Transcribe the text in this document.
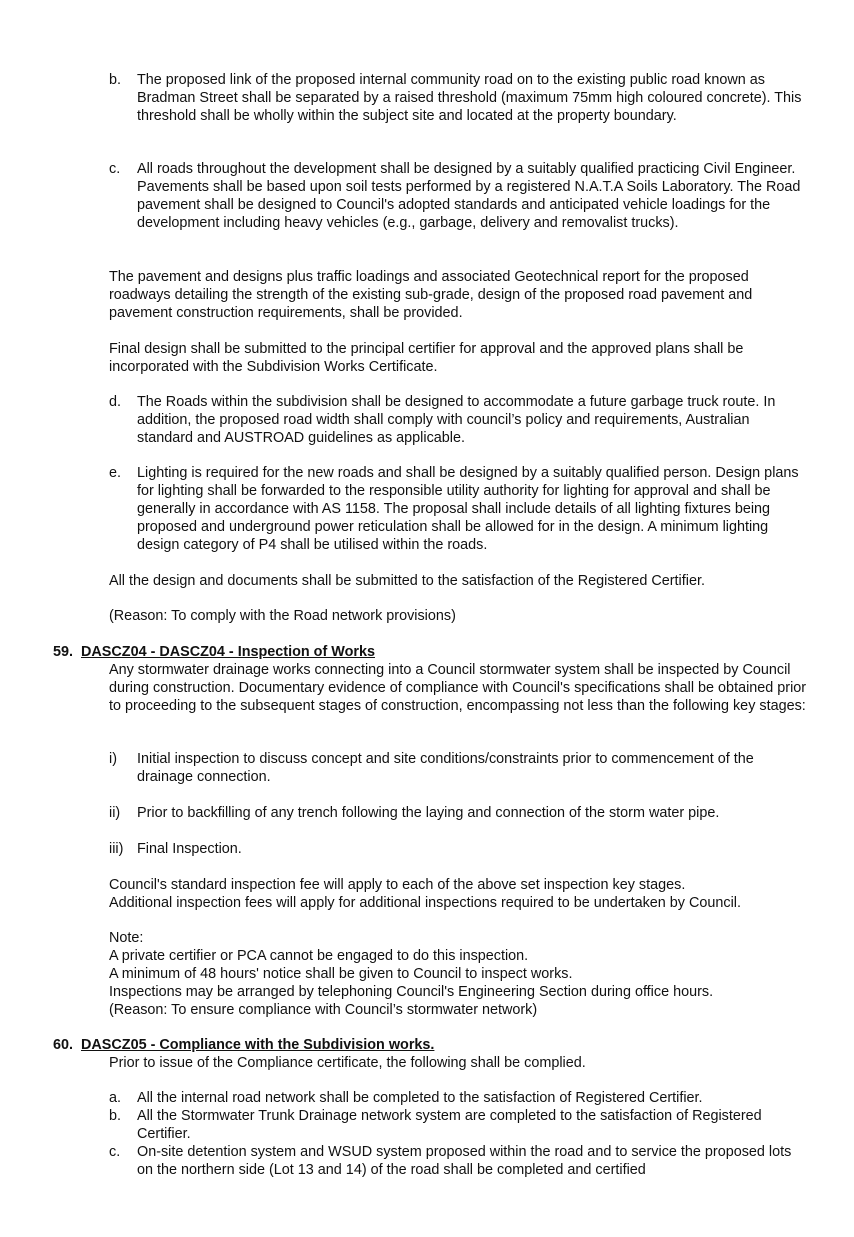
b. The proposed link of the proposed internal community road on to the existing public road known as Bradman Street shall be separated by a raised threshold (maximum 75mm high coloured concrete). This threshold shall be wholly within the subject site and located at the property boundary.
c. All roads throughout the development shall be designed by a suitably qualified practicing Civil Engineer. Pavements shall be based upon soil tests performed by a registered N.A.T.A Soils Laboratory. The Road pavement shall be designed to Council's adopted standards and anticipated vehicle loadings for the development including heavy vehicles (e.g., garbage, delivery and removalist trucks).
The pavement and designs plus traffic loadings and associated Geotechnical report for the proposed roadways detailing the strength of the existing sub-grade, design of the proposed road pavement and pavement construction requirements, shall be provided.
Final design shall be submitted to the principal certifier for approval and the approved plans shall be incorporated with the Subdivision Works Certificate.
d. The Roads within the subdivision shall be designed to accommodate a future garbage truck route. In addition, the proposed road width shall comply with council’s policy and requirements, Australian standard and AUSTROAD guidelines as applicable.
e. Lighting is required for the new roads and shall be designed by a suitably qualified person. Design plans for lighting shall be forwarded to the responsible utility authority for lighting for approval and shall be generally in accordance with AS 1158. The proposal shall include details of all lighting fixtures being proposed and underground power reticulation shall be allowed for in the design. A minimum lighting design category of P4 shall be utilised within the roads.
All the design and documents shall be submitted to the satisfaction of the Registered Certifier.
(Reason: To comply with the Road network provisions)
59. DASCZ04 - DASCZ04 - Inspection of Works
Any stormwater drainage works connecting into a Council stormwater system shall be inspected by Council during construction. Documentary evidence of compliance with Council's specifications shall be obtained prior to proceeding to the subsequent stages of construction, encompassing not less than the following key stages:
i) Initial inspection to discuss concept and site conditions/constraints prior to commencement of the drainage connection.
ii) Prior to backfilling of any trench following the laying and connection of the storm water pipe.
iii) Final Inspection.
Council's standard inspection fee will apply to each of the above set inspection key stages.
Additional inspection fees will apply for additional inspections required to be undertaken by Council.
Note:
A private certifier or PCA cannot be engaged to do this inspection.
A minimum of 48 hours' notice shall be given to Council to inspect works.
Inspections may be arranged by telephoning Council's Engineering Section during office hours.
(Reason: To ensure compliance with Council’s stormwater network)
60. DASCZ05 - Compliance with the Subdivision works.
Prior to issue of the Compliance certificate, the following shall be complied.
a. All the internal road network shall be completed to the satisfaction of Registered Certifier.
b. All the Stormwater Trunk Drainage network system are completed to the satisfaction of Registered Certifier.
c. On-site detention system and WSUD system proposed within the road and to service the proposed lots on the northern side (Lot 13 and 14) of the road shall be completed and certified
